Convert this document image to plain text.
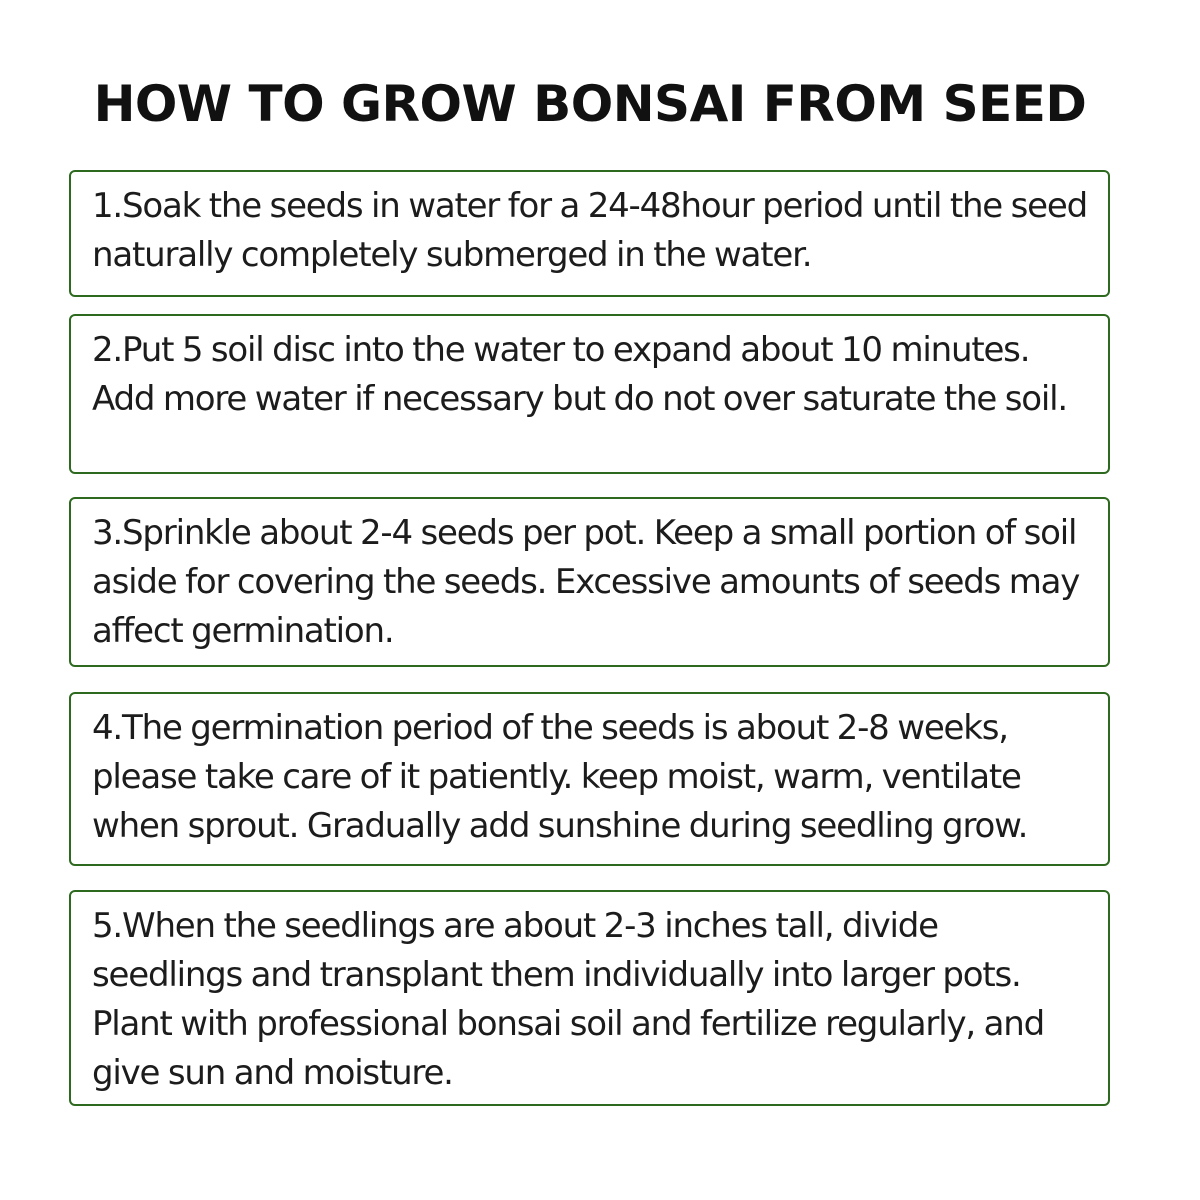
HOW TO GROW BONSAI FROM SEED
1.Soak the seeds in water for a 24-48hour period until the seed naturally completely submerged in the water.
2.Put 5 soil disc into the water to expand about 10 minutes. Add more water if necessary but do not over saturate the soil.
3.Sprinkle about 2-4 seeds per pot. Keep a small portion of soil aside for covering the seeds. Excessive amounts of seeds may affect germination.
4.The germination period of the seeds is about 2-8 weeks, please take care of it patiently. keep moist, warm, ventilate when sprout. Gradually add sunshine during seedling grow.
5.When the seedlings are about 2-3 inches tall, divide seedlings and transplant them individually into larger pots. Plant with professional bonsai soil and fertilize regularly, and give sun and moisture.
